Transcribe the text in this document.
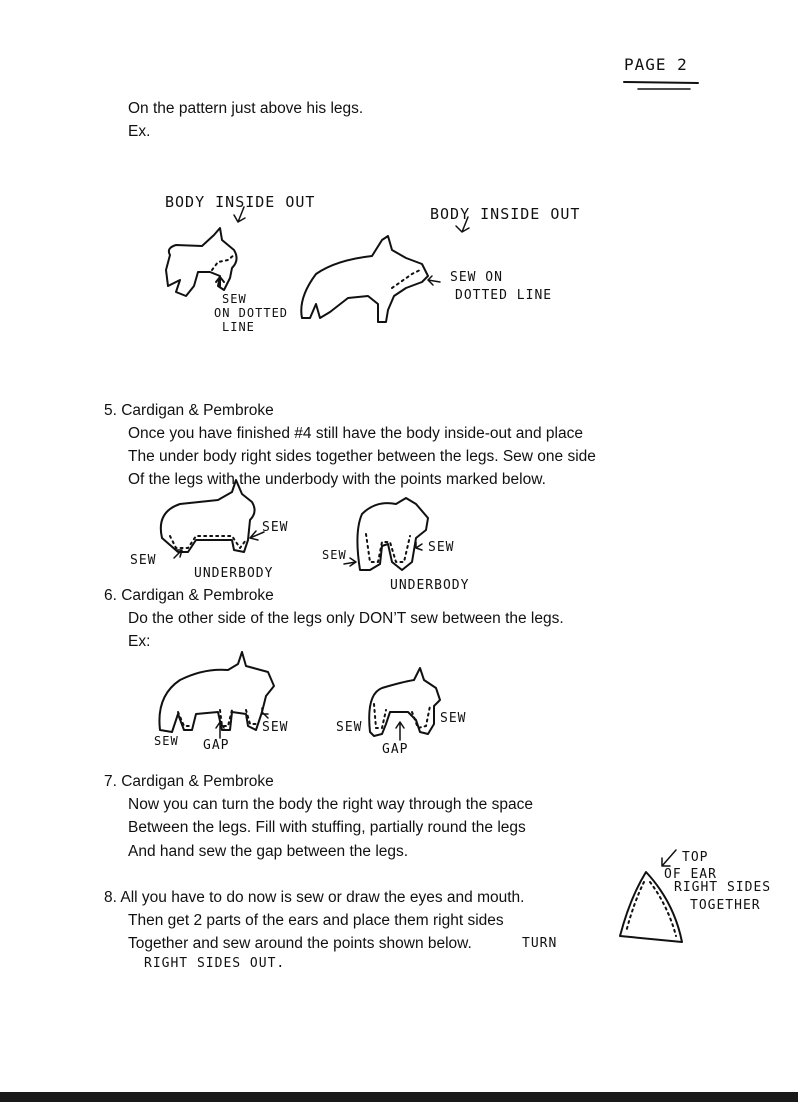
PAGE 2
On the pattern just above his legs.
Ex.
BODY INSIDE OUT
BODY INSIDE OUT
SEW
ON DOTTED
LINE
SEW ON
DOTTED LINE
5. Cardigan & Pembroke
Once you have finished #4 still have the body inside-out and place
The under body right sides together between the legs. Sew one side
Of the legs with the underbody with the points marked below.
SEW
SEW
UNDERBODY
SEW	SEW
UNDERBODY
6. Cardigan & Pembroke
Do the other side of the legs only DON’T sew between the legs.
Ex:
SEW GAP
SEW	SEW
GAP
SEW
7. Cardigan & Pembroke
Now you can turn the body the right way through the space
Between the legs. Fill with stuffing, partially round the legs
And hand sew the gap between the legs.
8. All you have to do now is sew or draw the eyes and mouth.
Then get 2 parts of the ears and place them right sides
Together and sew around the points shown below.	TURN
RIGHT SIDES OUT.
TOP
OF EAR
RIGHT SIDES
TOGETHER
